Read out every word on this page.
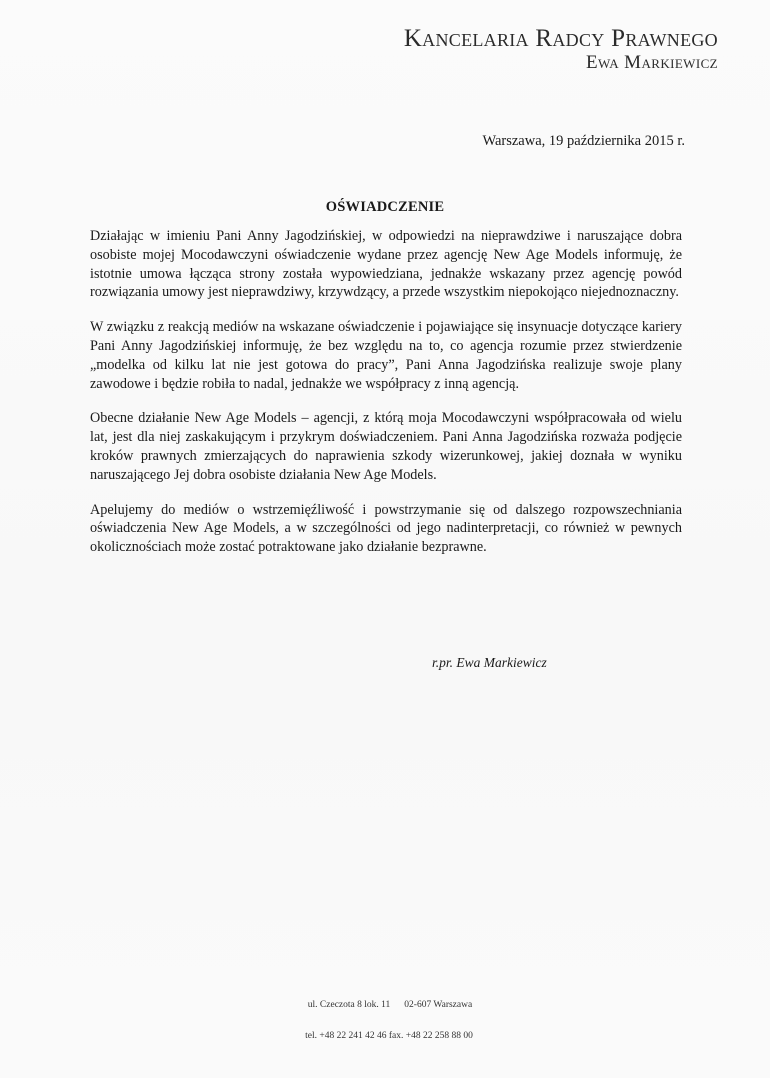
Kancelaria Radcy Prawnego
Ewa Markiewicz
Warszawa, 19 października 2015 r.
OŚWIADCZENIE

Działając w imieniu Pani Anny Jagodzińskiej, w odpowiedzi na nieprawdziwe i naruszające dobra osobiste mojej Mocodawczyni oświadczenie wydane przez agencję New Age Models informuję, że istotnie umowa łącząca strony została wypowiedziana, jednakże wskazany przez agencję powód rozwiązania umowy jest nieprawdziwy, krzywdzący, a przede wszystkim niepokojąco niejednoznaczny.

W związku z reakcją mediów na wskazane oświadczenie i pojawiające się insynuacje dotyczące kariery Pani Anny Jagodzińskiej informuję, że bez względu na to, co agencja rozumie przez stwierdzenie „modelka od kilku lat nie jest gotowa do pracy”, Pani Anna Jagodzińska realizuje swoje plany zawodowe i będzie robiła to nadal, jednakże we współpracy z inną agencją.

Obecne działanie New Age Models – agencji, z którą moja Mocodawczyni współpracowała od wielu lat, jest dla niej zaskakującym i przykrym doświadczeniem. Pani Anna Jagodzińska rozważa podjęcie kroków prawnych zmierzających do naprawienia szkody wizerunkowej, jakiej doznała w wyniku naruszającego Jej dobra osobiste działania New Age Models.

Apelujemy do mediów o wstrzemięźliwość i powstrzymanie się od dalszego rozpowszechniania oświadczenia New Age Models, a w szczególności od jego nadinterpretacji, co również w pewnych okolicznościach może zostać potraktowane jako działanie bezprawne.

r.pr. Ewa Markiewicz
ul. Czeczota 8 lok. 11 02-607 Warszawa
tel. +48 22 241 42 46 fax. +48 22 258 88 00
